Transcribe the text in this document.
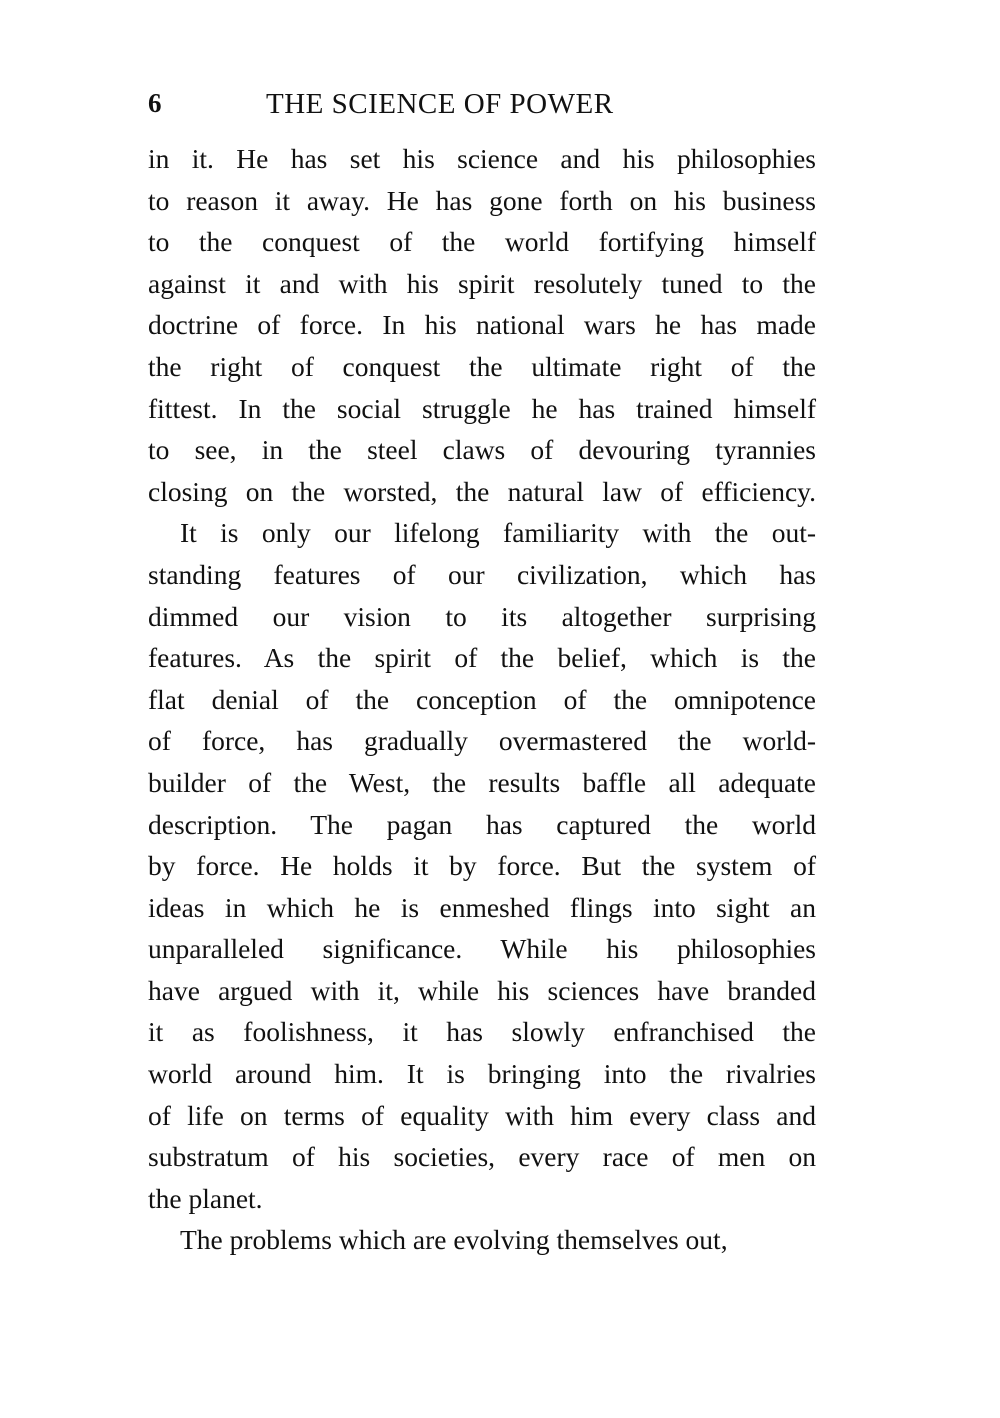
6	THE SCIENCE OF POWER
in it. He has set his science and his philosophies
to reason it away. He has gone forth on his business
to the conquest of the world fortifying himself
against it and with his spirit resolutely tuned to the
doctrine of force. In his national wars he has made
the right of conquest the ultimate right of the
fittest. In the social struggle he has trained himself
to see, in the steel claws of devouring tyrannies
closing on the worsted, the natural law of efficiency.
It is only our lifelong familiarity with the out-
standing features of our civilization, which has
dimmed our vision to its altogether surprising
features. As the spirit of the belief, which is the
flat denial of the conception of the omnipotence
of force, has gradually overmastered the world-
builder of the West, the results baffle all adequate
description. The pagan has captured the world
by force. He holds it by force. But the system of
ideas in which he is enmeshed flings into sight an
unparalleled significance. While his philosophies
have argued with it, while his sciences have branded
it as foolishness, it has slowly enfranchised the
world around him. It is bringing into the rivalries
of life on terms of equality with him every class and
substratum of his societies, every race of men on
the planet.
The problems which are evolving themselves out,
